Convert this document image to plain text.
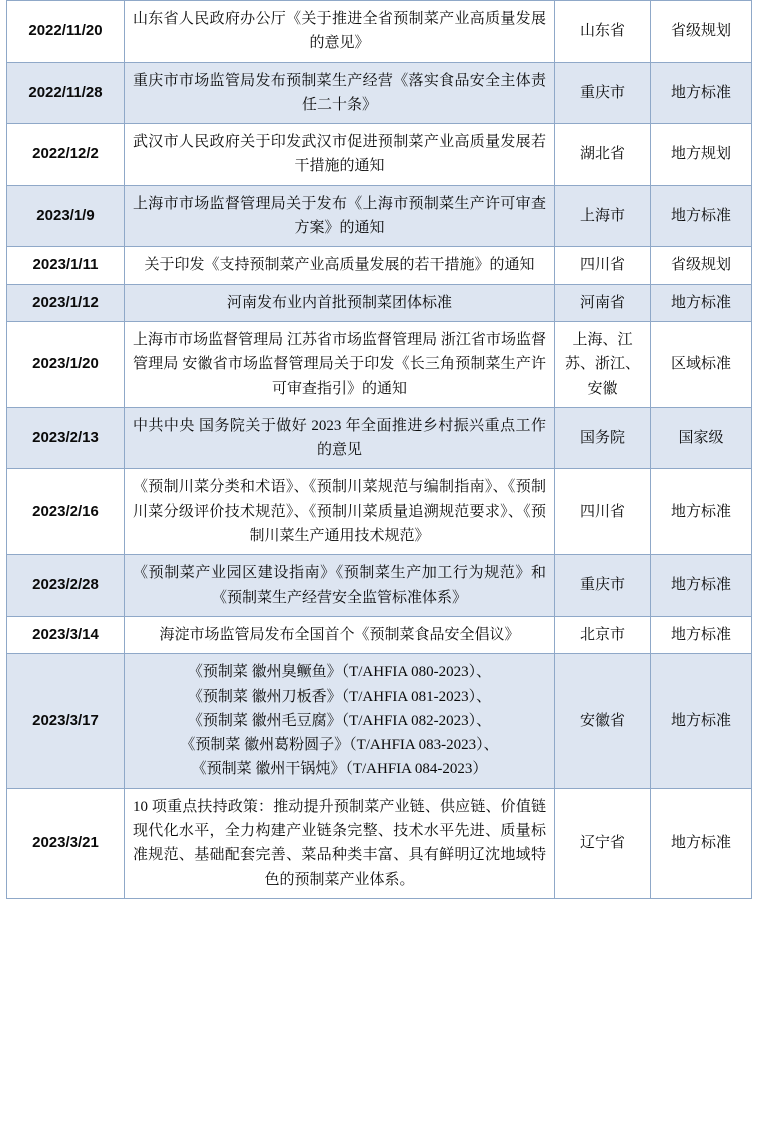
2022/11/20	山东省人民政府办公厅《关于推进全省预制菜产业高质量发展的意见》	山东省	省级规划
2022/11/28	重庆市市场监管局发布预制菜生产经营《落实食品安全主体责任二十条》	重庆市	地方标准
2022/12/2	武汉市人民政府关于印发武汉市促进预制菜产业高质量发展若干措施的通知	湖北省	地方规划
2023/1/9	上海市市场监督管理局关于发布《上海市预制菜生产许可审查方案》的通知	上海市	地方标准
2023/1/11	关于印发《支持预制菜产业高质量发展的若干措施》的通知	四川省	省级规划
2023/1/12	河南发布业内首批预制菜团体标准	河南省	地方标准
2023/1/20	上海市市场监督管理局 江苏省市场监督管理局 浙江省市场监督管理局 安徽省市场监督管理局关于印发《长三角预制菜生产许可审查指引》的通知	上海、江苏、浙江、安徽	区域标准
2023/2/13	中共中央 国务院关于做好 2023 年全面推进乡村振兴重点工作的意见	国务院	国家级
2023/2/16	《预制川菜分类和术语》、《预制川菜规范与编制指南》、《预制川菜分级评价技术规范》、《预制川菜质量追溯规范要求》、《预制川菜生产通用技术规范》	四川省	地方标准
2023/2/28	《预制菜产业园区建设指南》《预制菜生产加工行为规范》和《预制菜生产经营安全监管标准体系》	重庆市	地方标准
2023/3/14	海淀市场监管局发布全国首个《预制菜食品安全倡议》	北京市	地方标准
2023/3/17	《预制菜 徽州臭鳜鱼》（T/AHFIA 080-2023）、
《预制菜 徽州刀板香》（T/AHFIA 081-2023）、
《预制菜 徽州毛豆腐》（T/AHFIA 082-2023）、
《预制菜 徽州葛粉圆子》（T/AHFIA 083-2023）、
《预制菜 徽州干锅炖》（T/AHFIA 084-2023）	安徽省	地方标准
2023/3/21	10 项重点扶持政策：推动提升预制菜产业链、供应链、价值链现代化水平，全力构建产业链条完整、技术水平先进、质量标准规范、基础配套完善、菜品种类丰富、具有鲜明辽沈地域特色的预制菜产业体系。	辽宁省	地方标准
